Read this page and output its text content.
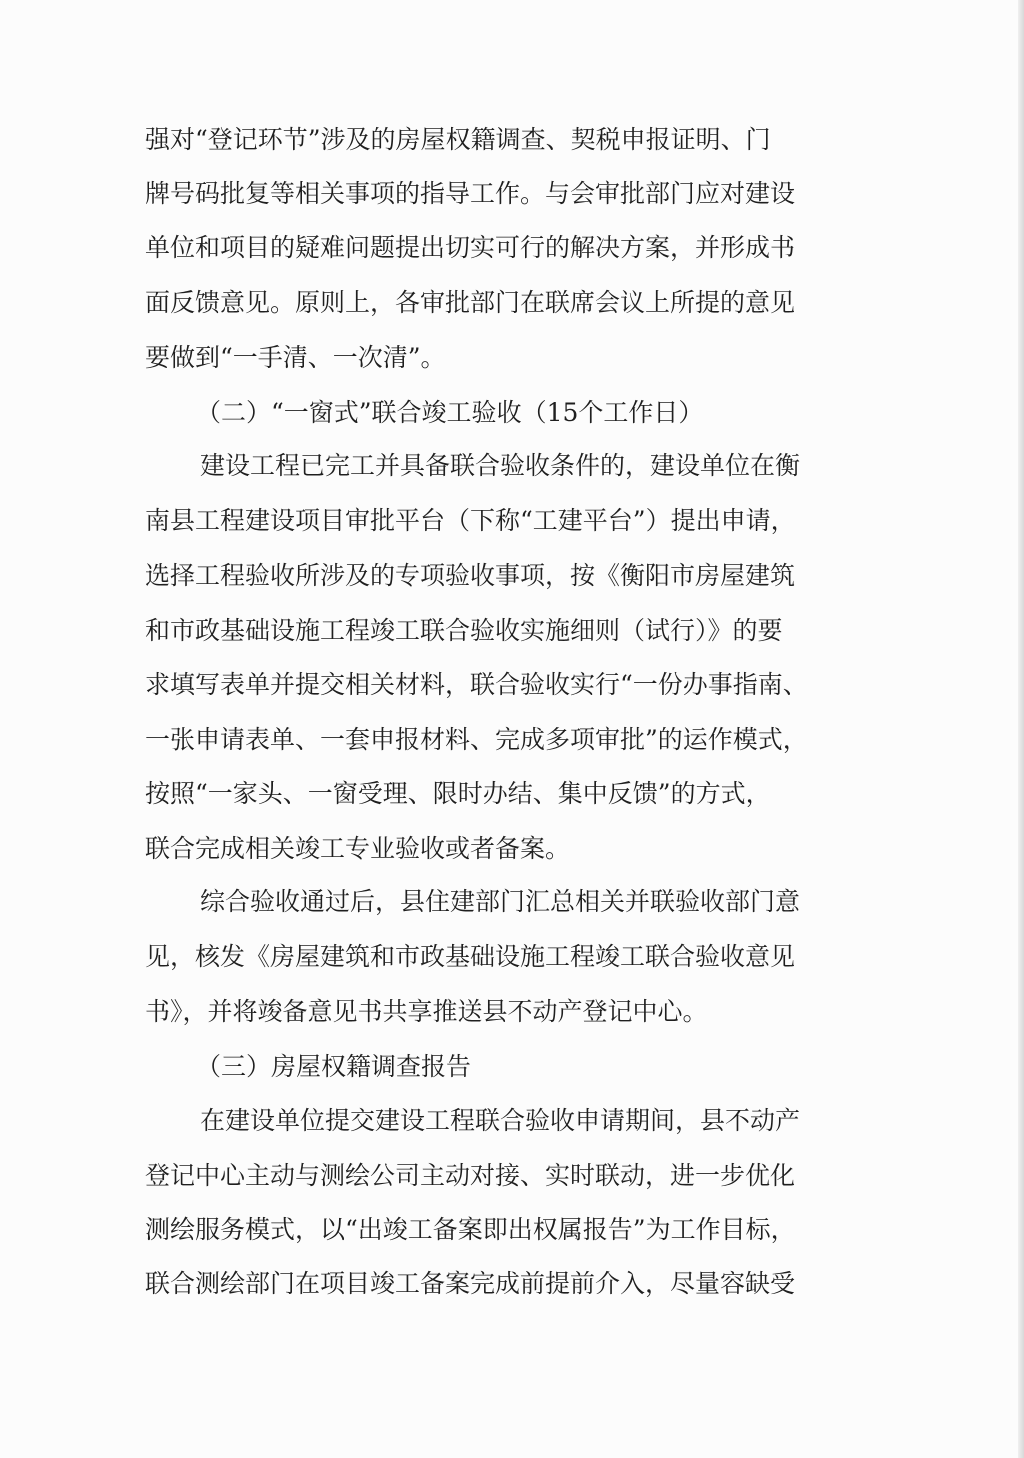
强对“登记环节”涉及的房屋权籍调查、契税申报证明、门
牌号码批复等相关事项的指导工作。与会审批部门应对建设
单位和项目的疑难问题提出切实可行的解决方案，并形成书
面反馈意见。原则上，各审批部门在联席会议上所提的意见
要做到“一手清、一次清”。
（二）“一窗式”联合竣工验收（15个工作日）
建设工程已完工并具备联合验收条件的，建设单位在衡
南县工程建设项目审批平台（下称“工建平台”）提出申请，
选择工程验收所涉及的专项验收事项，按《衡阳市房屋建筑
和市政基础设施工程竣工联合验收实施细则（试行）》的要
求填写表单并提交相关材料，联合验收实行“一份办事指南、
一张申请表单、一套申报材料、完成多项审批”的运作模式，
按照“一家头、一窗受理、限时办结、集中反馈”的方式，
联合完成相关竣工专业验收或者备案。
综合验收通过后，县住建部门汇总相关并联验收部门意
见，核发《房屋建筑和市政基础设施工程竣工联合验收意见
书》，并将竣备意见书共享推送县不动产登记中心。
（三）房屋权籍调查报告
在建设单位提交建设工程联合验收申请期间，县不动产
登记中心主动与测绘公司主动对接、实时联动，进一步优化
测绘服务模式，以“出竣工备案即出权属报告”为工作目标，
联合测绘部门在项目竣工备案完成前提前介入，尽量容缺受
